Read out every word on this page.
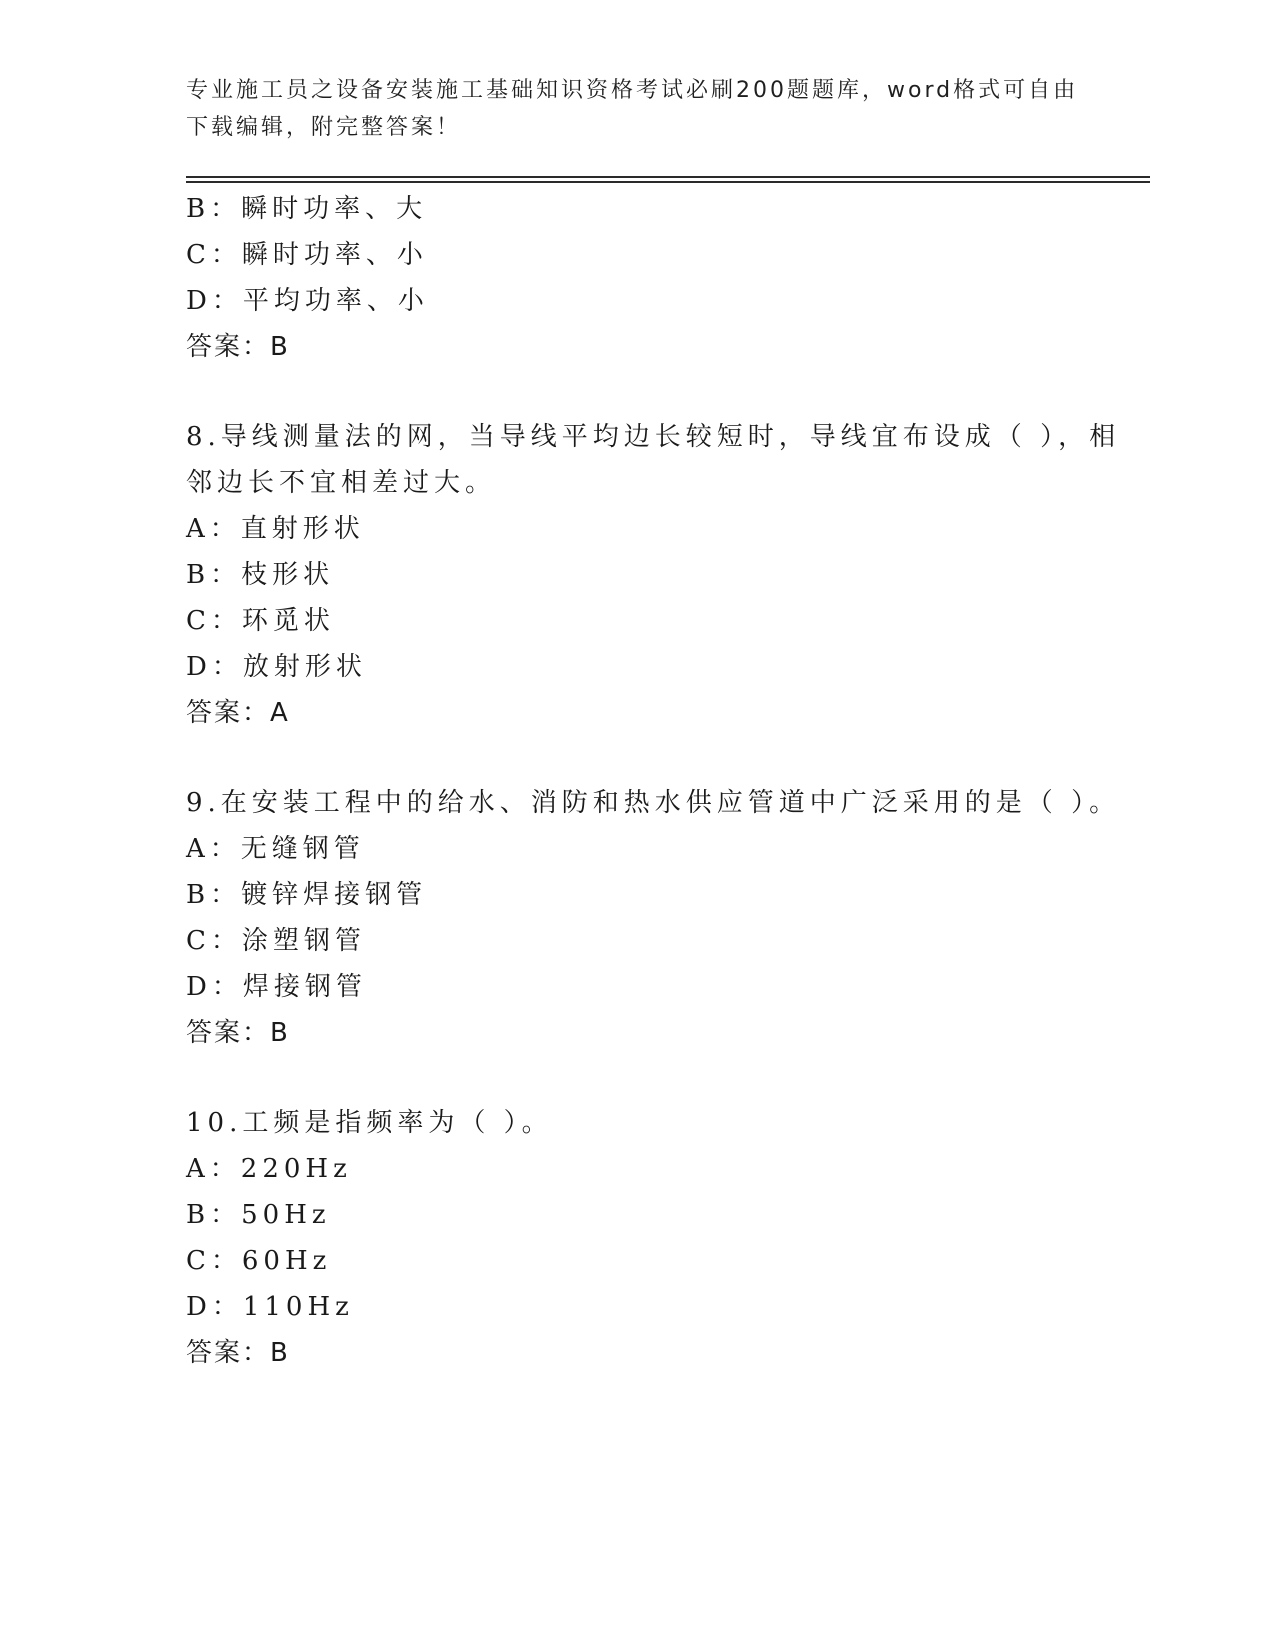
专业施工员之设备安装施工基础知识资格考试必刷200题题库，word格式可自由
下载编辑，附完整答案！
B：瞬时功率、大
C：瞬时功率、小
D：平均功率、小
答案：B
8.导线测量法的网，当导线平均边长较短时，导线宜布设成（ ），相
邻边长不宜相差过大。
A：直射形状
B：枝形状
C：环觅状
D：放射形状
答案：A
9.在安装工程中的给水、消防和热水供应管道中广泛采用的是（ ）。
A：无缝钢管
B：镀锌焊接钢管
C：涂塑钢管
D：焊接钢管
答案：B
10.工频是指频率为（ ）。
A：220Hz
B：50Hz
C：60Hz
D：110Hz
答案：B
